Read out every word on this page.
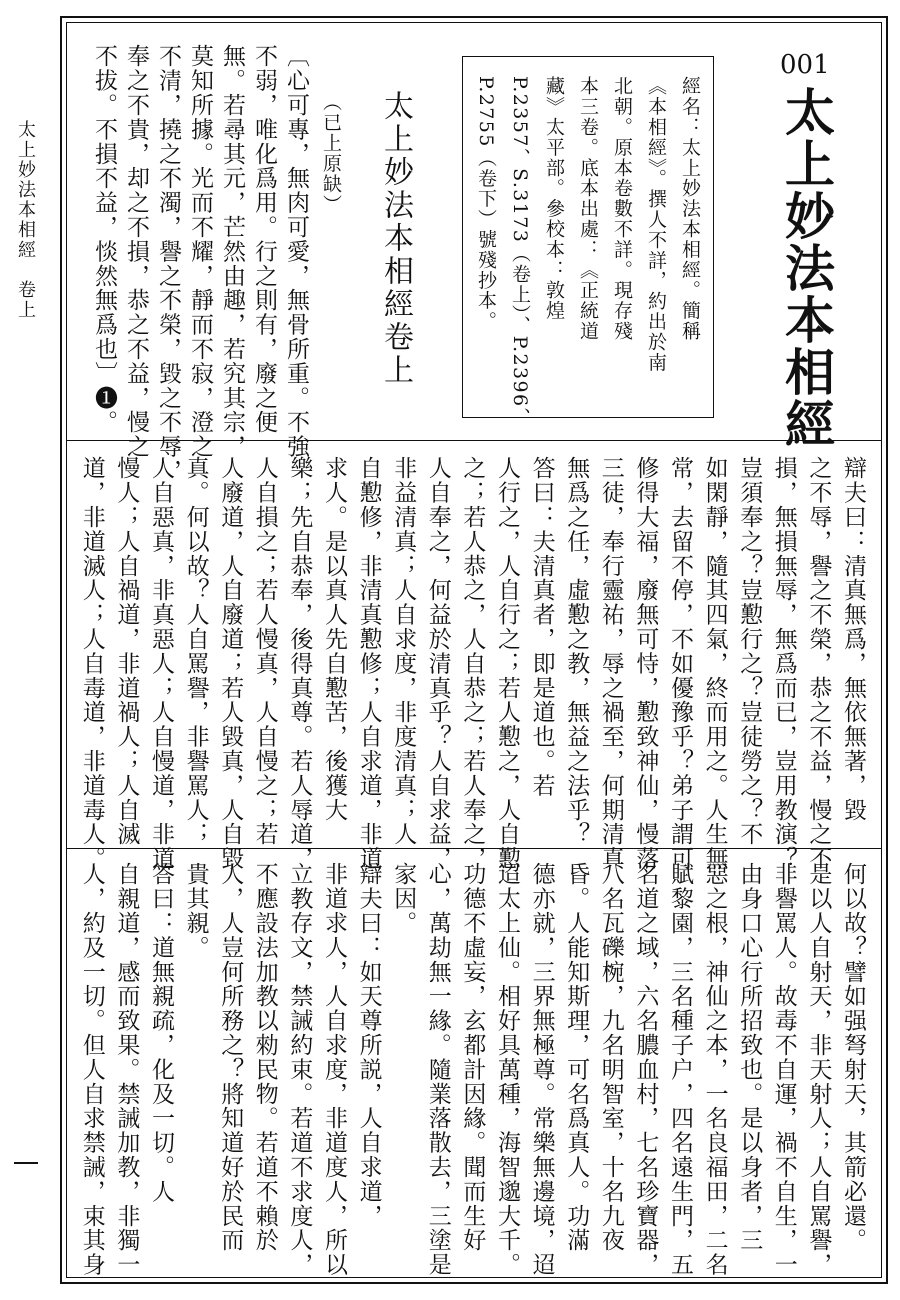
太上妙法本相經　卷上
001
太上妙法本相經
經名：太上妙法本相經。簡稱
《本相經》。撰人不詳，約出於南
北朝。原本卷數不詳。現存殘
本三卷。底本出處：《正統道
藏》太平部。參校本：敦煌
P.2357、S.3173（卷上）、P.2396、
P.2755（卷下）號殘抄本。
太上妙法本相經卷上
（已上原缺）
〔心可專，無肉可愛，無骨所重。不強
不弱，唯化爲用。行之則有，廢之便
無。若尋其元，芒然由趣，若究其宗，
莫知所據。光而不耀，靜而不寂，澄之
不清，撓之不濁，譽之不榮，毀之不辱，
奉之不貴，却之不損，恭之不益，慢之
不拔。不損不益，惔然無爲也〕❶。
辯夫曰：清真無爲，無依無著，毀
之不辱，譽之不榮，恭之不益，慢之不
損，無損無辱，無爲而已，豈用教演？
豈須奉之？豈懃行之？豈徒勞之？不
如閑靜，隨其四氣，終而用之。人生無
常，去留不停，不如優豫乎？弟子謂可
修得大福，廢無可恃，懃致神仙，慢落
三徒，奉行靈祐，辱之禍至，何期清真
無爲之任，虛懃之教，無益之法乎？
答曰：夫清真者，即是道也。若
人行之，人自行之；若人懃之，人自懃
之；若人恭之，人自恭之；若人奉之，
人自奉之，何益於清真乎？人自求益，
非益清真；人自求度，非度清真；人
自懃修，非清真懃修；人自求道，非道
求人。是以真人先自懃苦，後獲大
樂；先自恭奉，後得真尊。若人辱道，
人自損之；若人慢真，人自慢之；若
人廢道，人自廢道；若人毀真，人自毀
真。何以故？人自罵譽，非譽罵人；
人自惡真，非真惡人；人自慢道，非道
慢人；人自禍道，非道禍人；人自滅
道，非道滅人；人自毒道，非道毒人。
何以故？譬如强弩射天，其箭必還。
是以人自射天，非天射人；人自罵譽，
非譽罵人。故毒不自運，禍不自生，一
由身口心行所招致也。是以身者，三
惡之根，神仙之本，一名良福田，二名
賦黎園，三名種子户，四名遠生門，五
名道之域，六名膿血村，七名珍寶器，
八名瓦礫椀，九名明智室，十名九夜
昏。人能知斯理，可名爲真人。功滿
德亦就，三界無極尊。常樂無邊境，迢
迢太上仙。相好具萬種，海智邈大千。
功德不虛妄，玄都計因緣。聞而生好
心，萬劫無一緣。隨業落散去，三塗是
家因。
辯夫曰：如天尊所説，人自求道，
非道求人，人自求度，非道度人，所以
立教存文，禁誡約束。若道不求度人，
不應設法加教以勑民物。若道不賴於
人，人豈何所務之？將知道好於民而
貴其親。
答曰：道無親疏，化及一切。人
自親道，感而致果。禁誡加教，非獨一
人，約及一切。但人自求禁誡，束其身
